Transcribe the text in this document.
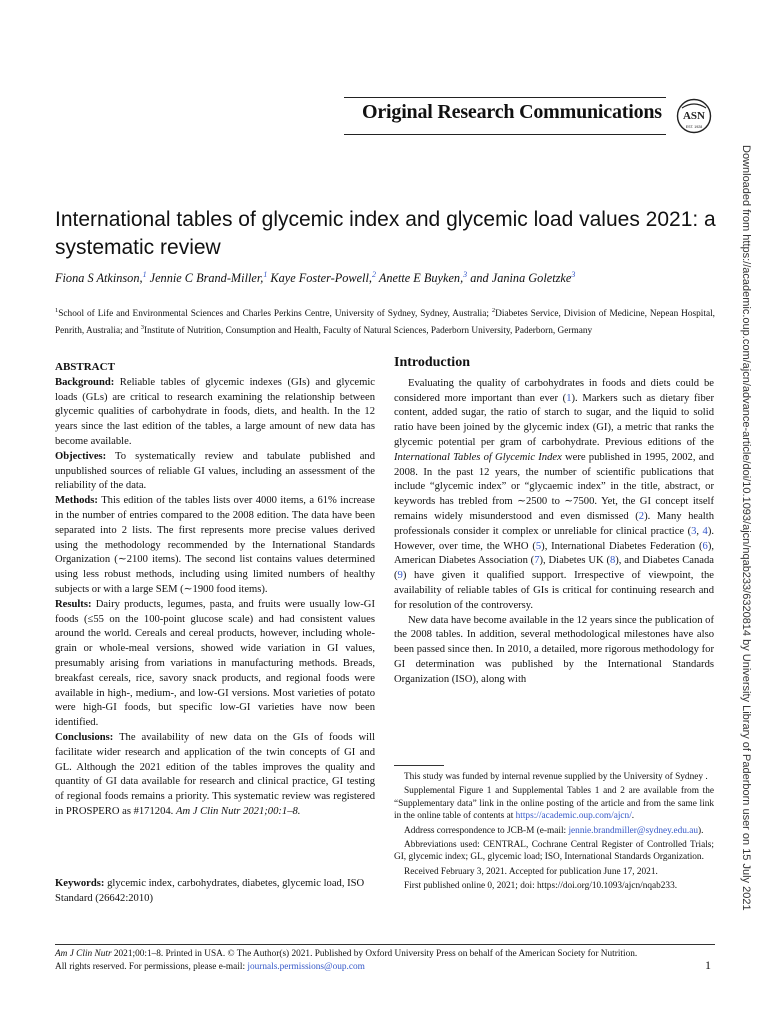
Original Research Communications ASN
EST. 1928
Downloaded from https://academic.oup.com/ajcn/advance-article/doi/10.1093/ajcn/nqab233/6320814 by University Library of Paderborn user on 15 July 2021
International tables of glycemic index and glycemic load values 2021: a systematic review
Fiona S Atkinson,$^1$ Jennie C Brand-Miller,$^1$ Kaye Foster-Powell,$^2$ Anette E Buyken,$^3$ and Janina Goletzke$^3$
$^1$School of Life and Environmental Sciences and Charles Perkins Centre, University of Sydney, Sydney, Australia; $^2$Diabetes Service, Division of Medicine, Nepean Hospital, Penrith, Australia; and $^3$Institute of Nutrition, Consumption and Health, Faculty of Natural Sciences, Paderborn University, Paderborn, Germany
ABSTRACT

Background: Reliable tables of glycemic indexes (GIs) and glycemic loads (GLs) are critical to research examining the relationship between glycemic qualities of carbohydrate in foods, diets, and health. In the 12 years since the last edition of the tables, a large amount of new data has become available.

Objectives: To systematically review and tabulate published and unpublished sources of reliable GI values, including an assessment of the reliability of the data.

Methods: This edition of the tables lists over 4000 items, a 61% increase in the number of entries compared to the 2008 edition. The data have been separated into 2 lists. The first represents more precise values derived using the methodology recommended by the International Standards Organization (∼2100 items). The second list contains values determined using less robust methods, including using limited numbers of healthy subjects or with a large SEM (∼1900 food items).

Results: Dairy products, legumes, pasta, and fruits were usually low-GI foods (≤55 on the 100-point glucose scale) and had consistent values around the world. Cereals and cereal products, however, including whole-grain or whole-meal versions, showed wide variation in GI values, presumably arising from variations in manufacturing methods. Breads, breakfast cereals, rice, savory snack products, and regional foods were available in high-, medium-, and low-GI versions. Most varieties of potato were high-GI foods, but specific low-GI varieties have now been identified.

Conclusions: The availability of new data on the GIs of foods will facilitate wider research and application of the twin concepts of GI and GL. Although the 2021 edition of the tables improves the quality and quantity of GI data available for research and clinical practice, GI testing of regional foods remains a priority. This systematic review was registered in PROSPERO as #171204. Am J Clin Nutr 2021;00:1–8.

Keywords: glycemic index, carbohydrates, diabetes, glycemic load, ISO Standard (26642:2010)
Introduction

Evaluating the quality of carbohydrates in foods and diets could be considered more important than ever (1). Markers such as dietary fiber content, added sugar, the ratio of starch to sugar, and the liquid to solid ratio have been joined by the glycemic index (GI), a metric that ranks the glycemic potential per gram of carbohydrate. Previous editions of the International Tables of Glycemic Index were published in 1995, 2002, and 2008. In the past 12 years, the number of scientific publications that include “glycemic index” or “glycaemic index” in the title, abstract, or keywords has trebled from ∼2500 to ∼7500. Yet, the GI concept itself remains widely misunderstood and even dismissed (2). Many health professionals consider it complex or unreliable for clinical practice (3, 4). However, over time, the WHO (5), International Diabetes Federation (6), American Diabetes Association (7), Diabetes UK (8), and Diabetes Canada (9) have given it qualified support. Irrespective of viewpoint, the availability of reliable tables of GIs is critical for continuing research and for resolution of the controversy.

New data have become available in the 12 years since the publication of the 2008 tables. In addition, several methodological milestones have also been passed since then. In 2010, a detailed, more rigorous methodology for GI determination was published by the International Standards Organization (ISO), along with

This study was funded by internal revenue supplied by the University of Sydney .

Supplemental Figure 1 and Supplemental Tables 1 and 2 are available from the “Supplementary data” link in the online posting of the article and from the same link in the online table of contents at https://academic.oup.com/ajcn/.

Address correspondence to JCB-M (e-mail: jennie.brandmiller@sydney.edu.au).

Abbreviations used: CENTRAL, Cochrane Central Register of Controlled Trials; GI, glycemic index; GL, glycemic load; ISO, International Standards Organization.

Received February 3, 2021. Accepted for publication June 17, 2021.

First published online 0, 2021; doi: https://doi.org/10.1093/ajcn/nqab233.

Am J Clin Nutr 2021;00:1–8. Printed in USA. © The Author(s) 2021. Published by Oxford University Press on behalf of the American Society for Nutrition.
All rights reserved. For permissions, please e-mail: journals.permissions@oup.com	1
